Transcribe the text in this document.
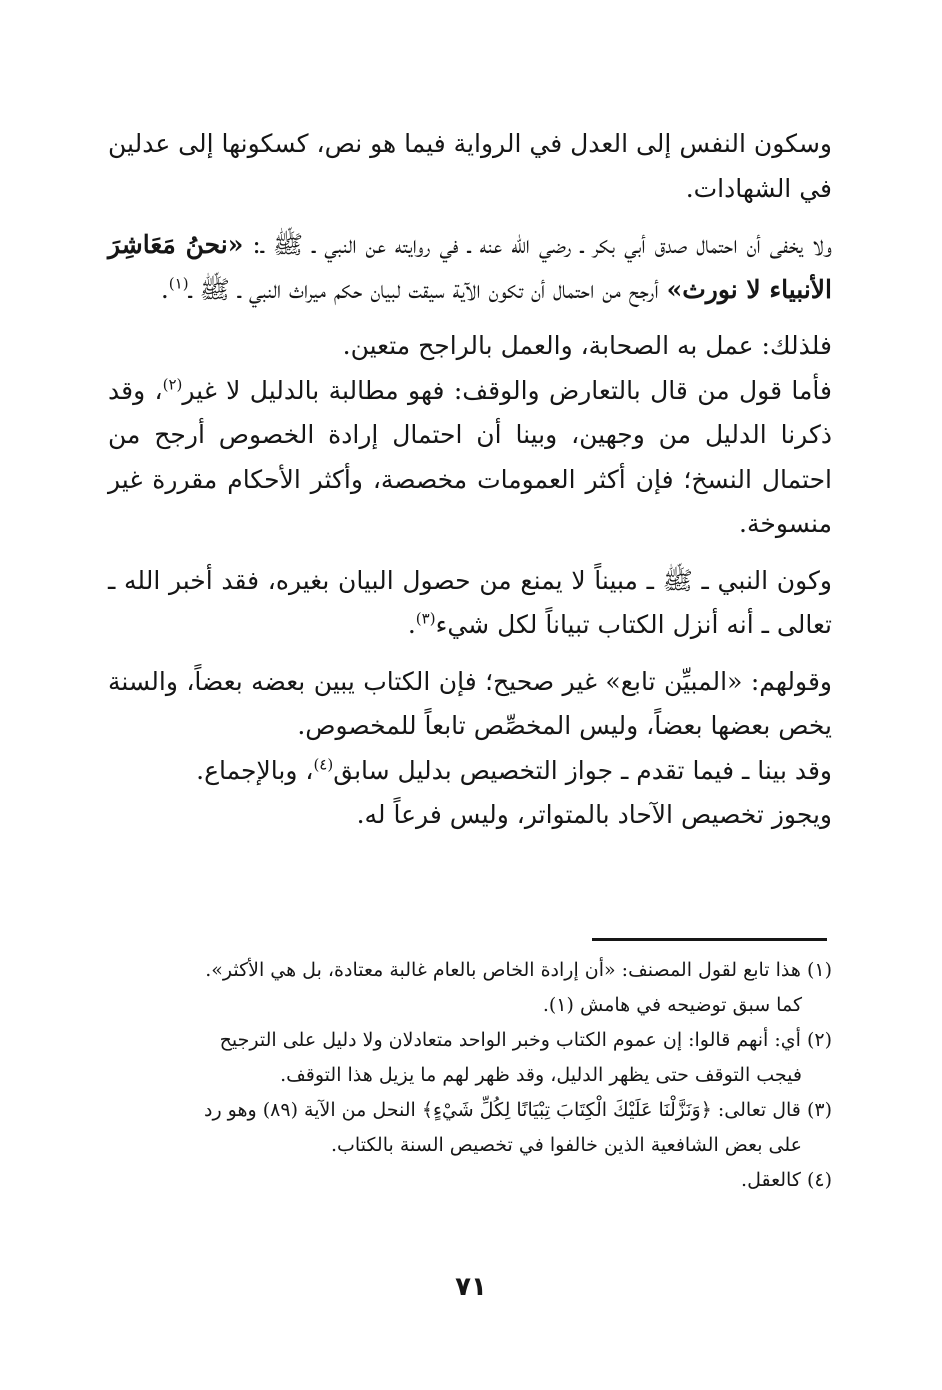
وسكون النفس إلى العدل في الرواية فيما هو نص، كسكونها إلى عدلين في الشهادات.

ولا يخفى أن احتمال صدق أبي بكر ـ رضي الله عنه ـ في روايته عن النبي ـ ﷺ ـ: «نحنُ مَعَاشِرَ الأنبياء لا نورث» أرجح من احتمال أن تكون الآية سيقت لبيان حكم ميراث النبي ـ ﷺ ـ$^{(١)}$.

فلذلك: عمل به الصحابة، والعمل بالراجح متعين.

فأما قول من قال بالتعارض والوقف: فهو مطالبة بالدليل لا غير$^{(٢)}$، وقد ذكرنا الدليل من وجهين، وبينا أن احتمال إرادة الخصوص أرجح من احتمال النسخ؛ فإن أكثر العمومات مخصصة، وأكثر الأحكام مقررة غير منسوخة.

وكون النبي ـ ﷺ ـ مبيناً لا يمنع من حصول البيان بغيره، فقد أخبر الله ـ تعالى ـ أنه أنزل الكتاب تبياناً لكل شيء$^{(٣)}$.

وقولهم: «المبيِّن تابع» غير صحيح؛ فإن الكتاب يبين بعضه بعضاً، والسنة يخص بعضها بعضاً، وليس المخصِّص تابعاً للمخصوص.

وقد بينا ـ فيما تقدم ـ جواز التخصيص بدليل سابق$^{(٤)}$، وبالإجماع.

ويجوز تخصيص الآحاد بالمتواتر، وليس فرعاً له.

(١) هذا تابع لقول المصنف: «أن إرادة الخاص بالعام غالبة معتادة، بل هي الأكثر».
كما سبق توضيحه في هامش (١).

(٢) أي: أنهم قالوا: إن عموم الكتاب وخبر الواحد متعادلان ولا دليل على الترجيح
فيجب التوقف حتى يظهر الدليل، وقد ظهر لهم ما يزيل هذا التوقف.

(٣) قال تعالى: ﴿وَنَزَّلْنَا عَلَيْكَ الْكِتَابَ تِبْيَانًا لِكُلِّ شَيْءٍ﴾ النحل من الآية (٨٩) وهو رد
على بعض الشافعية الذين خالفوا في تخصيص السنة بالكتاب.

(٤) كالعقل.

٧١
